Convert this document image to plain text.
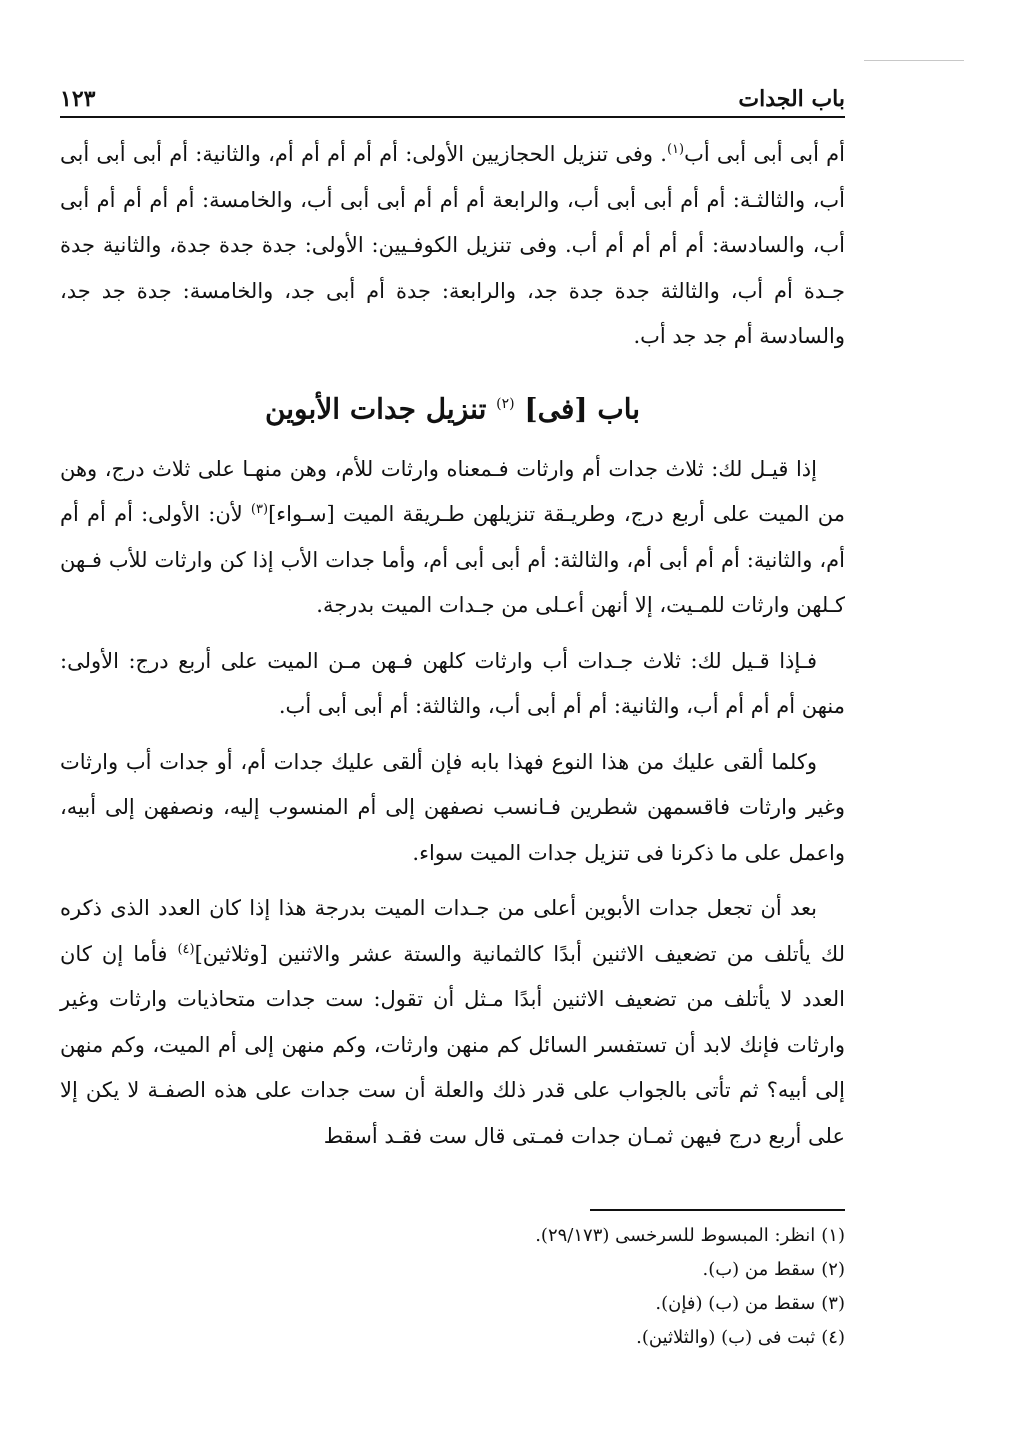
باب الجدات
١٢٣

أم أبى أبى أبى أب$^{(١)}$. وفى تنزيل الحجازيين الأولى: أم أم أم أم أم، والثانية: أم أبى أبى أبى أب، والثالثـة: أم أم أبى أبى أب، والرابعة أم أم أم أبى أبى أب، والخامسة: أم أم أم أم أبى أب، والسادسة: أم أم أم أم أب. وفى تنزيل الكوفـيين: الأولى: جدة جدة جدة، والثانية جدة جـدة أم أب، والثالثة جدة جدة جد، والرابعة: جدة أم أبى جد، والخامسة: جدة جد جد، والسادسة أم جد جد أب.

باب [فى] $^{(٢)}$ تنزيل جدات الأبوين

إذا قيـل لك: ثلاث جدات أم وارثات فـمعناه وارثات للأم، وهن منهـا على ثلاث درج، وهن من الميت على أربع درج، وطريـقة تنزيلهن طـريقة الميت [سـواء]$^{(٣)}$ لأن: الأولى: أم أم أم أم، والثانية: أم أم أبى أم، والثالثة: أم أبى أبى أم، وأما جدات الأب إذا كن وارثات للأب فـهن كـلهن وارثات للمـيت، إلا أنهن أعـلى من جـدات الميت بدرجة.

فـإذا قـيل لك: ثلاث جـدات أب وارثات كلهن فـهن مـن الميت على أربع درج: الأولى: منهن أم أم أم أب، والثانية: أم أم أبى أب، والثالثة: أم أبى أبى أب.

وكلما ألقى عليك من هذا النوع فهذا بابه فإن ألقى عليك جدات أم، أو جدات أب وارثات وغير وارثات فاقسمهن شطرين فـانسب نصفهن إلى أم المنسوب إليه، ونصفهن إلى أبيه، واعمل على ما ذكرنا فى تنزيل جدات الميت سواء.

بعد أن تجعل جدات الأبوين أعلى من جـدات الميت بدرجة هذا إذا كان العدد الذى ذكره لك يأتلف من تضعيف الاثنين أبدًا كالثمانية والستة عشر والاثنين [وثلاثين]$^{(٤)}$ فأما إن كان العدد لا يأتلف من تضعيف الاثنين أبدًا مـثل أن تقول: ست جدات متحاذيات وارثات وغير وارثات فإنك لابد أن تستفسر السائل كم منهن وارثات، وكم منهن إلى أم الميت، وكم منهن إلى أبيه؟ ثم تأتى بالجواب على قدر ذلك والعلة أن ست جدات على هذه الصفـة لا يكن إلا على أربع درج فيهن ثمـان جدات فمـتى قال ست فقـد أسقط

(١)انظر: المبسوط للسرخسى (٢٩/١٧٣).
(٢)سقط من (ب).
(٣)سقط من (ب) (فإن).
(٤)ثبت فى (ب) (والثلاثين).
